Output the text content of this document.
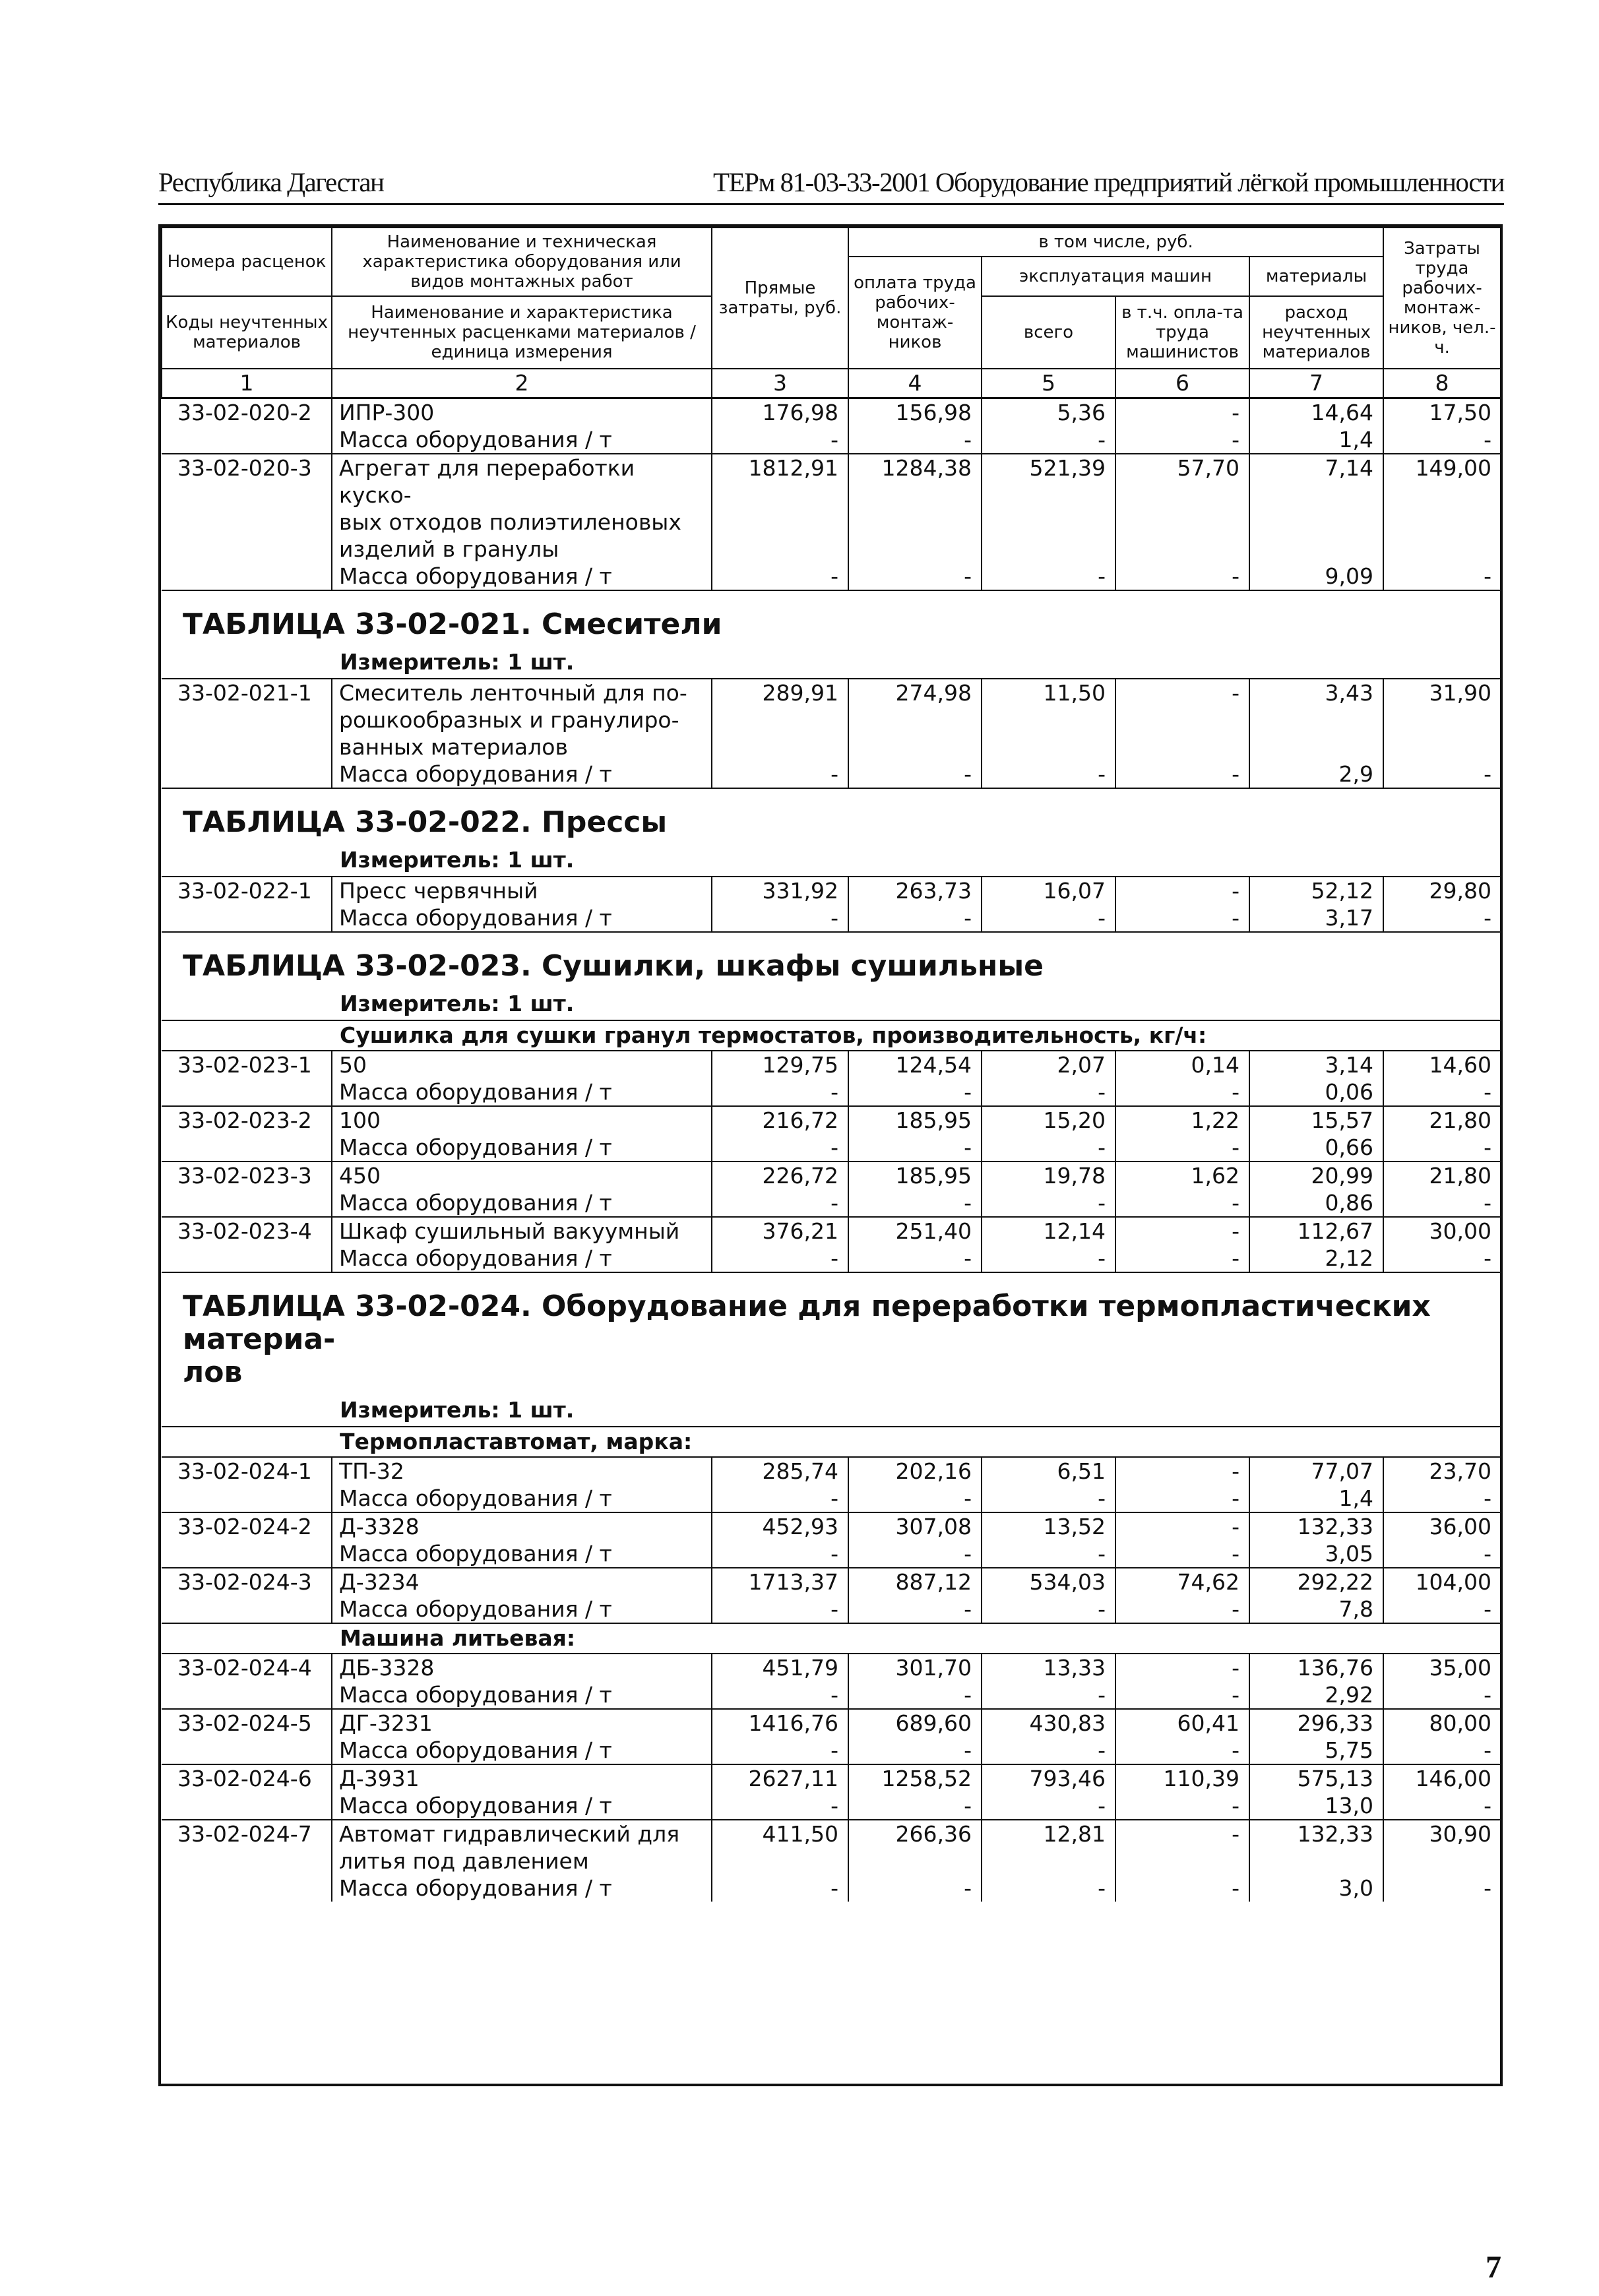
Республика Дагестан	ТЕРм 81-03-33-2001 Оборудование предприятий лёгкой промышленности
Номера расценок	Наименование и техническая характеристика оборудования или видов монтажных работ	Прямые затраты, руб.	в том числе, руб.				Затраты труда рабочих-монтаж-ников, чел.-ч.
			оплата труда рабочих-монтаж-ников	эксплуатация машин		материалы	
Коды неучтенных материалов	Наименование и характеристика неучтенных расценками материалов / единица измерения			всего	в т.ч. опла-та труда машинистов	расход неучтенных материалов	
1	2	3	4	5	6	7	8
33-02-020-2	ИПР-300	176,98	156,98	5,36	-	14,64	17,50
	Масса оборудования / т	-	-	-	-	1,4	-
33-02-020-3	Агрегат для переработки куско-
вых отходов полиэтиленовых
изделий в гранулы	1812,91	1284,38	521,39	57,70	7,14	149,00
	Масса оборудования / т	-	-	-	-	9,09	-
ТАБЛИЦА 33-02-021. Смесители							
Измеритель: 1 шт.							
33-02-021-1	Смеситель ленточный для по-
рошкообразных и гранулиро-
ванных материалов	289,91	274,98	11,50	-	3,43	31,90
	Масса оборудования / т	-	-	-	-	2,9	-
ТАБЛИЦА 33-02-022. Прессы							
Измеритель: 1 шт.							
33-02-022-1	Пресс червячный	331,92	263,73	16,07	-	52,12	29,80
	Масса оборудования / т	-	-	-	-	3,17	-
ТАБЛИЦА 33-02-023. Сушилки, шкафы сушильные							
Измеритель: 1 шт.							
Сушилка для сушки гранул термостатов, производительность, кг/ч:							
33-02-023-1	50	129,75	124,54	2,07	0,14	3,14	14,60
	Масса оборудования / т	-	-	-	-	0,06	-
33-02-023-2	100	216,72	185,95	15,20	1,22	15,57	21,80
	Масса оборудования / т	-	-	-	-	0,66	-
33-02-023-3	450	226,72	185,95	19,78	1,62	20,99	21,80
	Масса оборудования / т	-	-	-	-	0,86	-
33-02-023-4	Шкаф сушильный вакуумный	376,21	251,40	12,14	-	112,67	30,00
	Масса оборудования / т	-	-	-	-	2,12	-
ТАБЛИЦА 33-02-024. Оборудование для переработки термопластических материа-
лов							
Измеритель: 1 шт.							
Термопластавтомат, марка:							
33-02-024-1	ТП-32	285,74	202,16	6,51	-	77,07	23,70
	Масса оборудования / т	-	-	-	-	1,4	-
33-02-024-2	Д-3328	452,93	307,08	13,52	-	132,33	36,00
	Масса оборудования / т	-	-	-	-	3,05	-
33-02-024-3	Д-3234	1713,37	887,12	534,03	74,62	292,22	104,00
	Масса оборудования / т	-	-	-	-	7,8	-
Машина литьевая:							
33-02-024-4	ДБ-3328	451,79	301,70	13,33	-	136,76	35,00
	Масса оборудования / т	-	-	-	-	2,92	-
33-02-024-5	ДГ-3231	1416,76	689,60	430,83	60,41	296,33	80,00
	Масса оборудования / т	-	-	-	-	5,75	-
33-02-024-6	Д-3931	2627,11	1258,52	793,46	110,39	575,13	146,00
	Масса оборудования / т	-	-	-	-	13,0	-
33-02-024-7	Автомат гидравлический для
литья под давлением	411,50	266,36	12,81	-	132,33	30,90
	Масса оборудования / т	-	-	-	-	3,0	-
7
